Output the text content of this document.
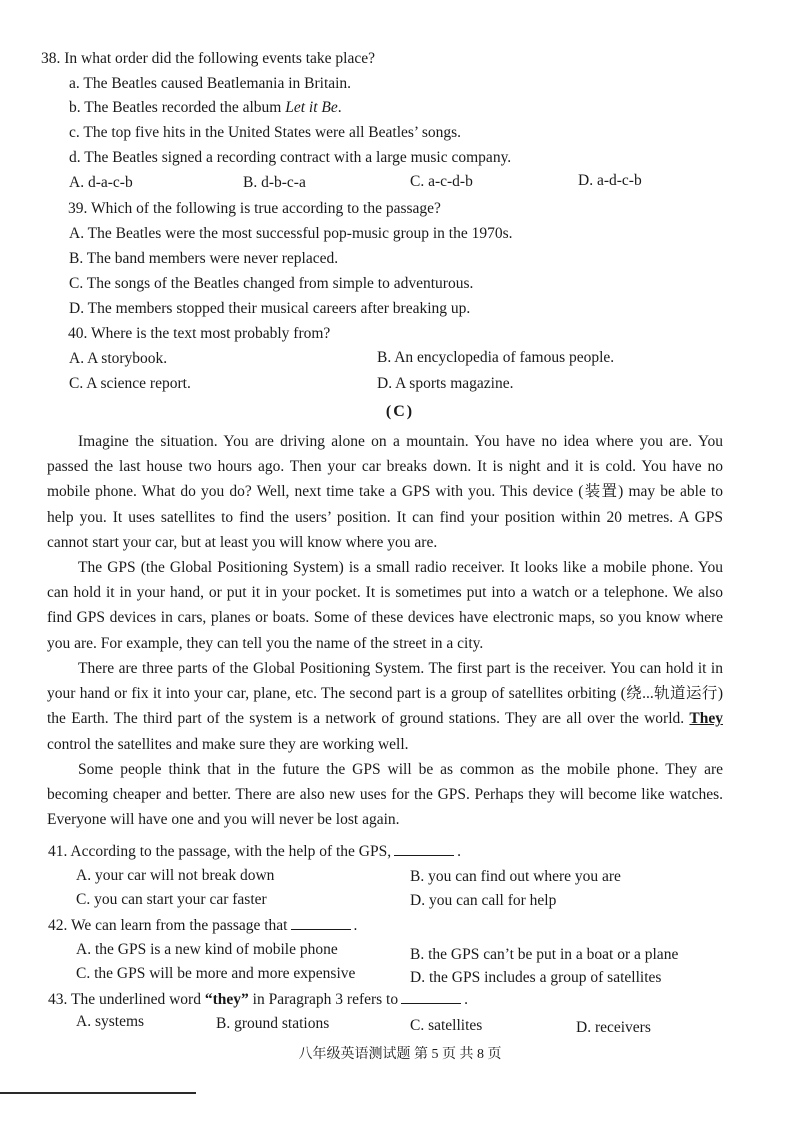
38. In what order did the following events take place?
a. The Beatles caused Beatlemania in Britain.
b. The Beatles recorded the album Let it Be.
c. The top five hits in the United States were all Beatles’ songs.
d. The Beatles signed a recording contract with a large music company.
A. d-a-c-b	B. d-b-c-a	C. a-c-d-b	D. a-d-c-b
39. Which of the following is true according to the passage?
A. The Beatles were the most successful pop-music group in the 1970s.
B. The band members were never replaced.
C. The songs of the Beatles changed from simple to adventurous.
D. The members stopped their musical careers after breaking up.
40. Where is the text most probably from?
A. A storybook.	B. An encyclopedia of famous people.
C. A science report.	D. A sports magazine.
(C)
Imagine the situation. You are driving alone on a mountain. You have no idea where you are. You passed the last house two hours ago. Then your car breaks down. It is night and it is cold. You have no mobile phone. What do you do? Well, next time take a GPS with you. This device (装置) may be able to help you. It uses satellites to find the users’ position. It can find your position within 20 metres. A GPS cannot start your car, but at least you will know where you are.
The GPS (the Global Positioning System) is a small radio receiver. It looks like a mobile phone. You can hold it in your hand, or put it in your pocket. It is sometimes put into a watch or a telephone. We also find GPS devices in cars, planes or boats. Some of these devices have electronic maps, so you know where you are. For example, they can tell you the name of the street in a city.
There are three parts of the Global Positioning System. The first part is the receiver. You can hold it in your hand or fix it into your car, plane, etc. The second part is a group of satellites orbiting (绕...轨道运行) the Earth. The third part of the system is a network of ground stations. They are all over the world. They control the satellites and make sure they are working well.
Some people think that in the future the GPS will be as common as the mobile phone. They are becoming cheaper and better. There are also new uses for the GPS. Perhaps they will become like watches. Everyone will have one and you will never be lost again.
41. According to the passage, with the help of the GPS,	.
A. your car will not break down	B. you can find out where you are
C. you can start your car faster	D. you can call for help
42. We can learn from the passage that	.
A. the GPS is a new kind of mobile phone	B. the GPS can’t be put in a boat or a plane
C. the GPS will be more and more expensive	D. the GPS includes a group of satellites
43. The underlined word “they” in Paragraph 3 refers to	.
A. systems	B. ground stations	C. satellites	D. receivers
八年级英语测试题 第 5 页 共 8 页
